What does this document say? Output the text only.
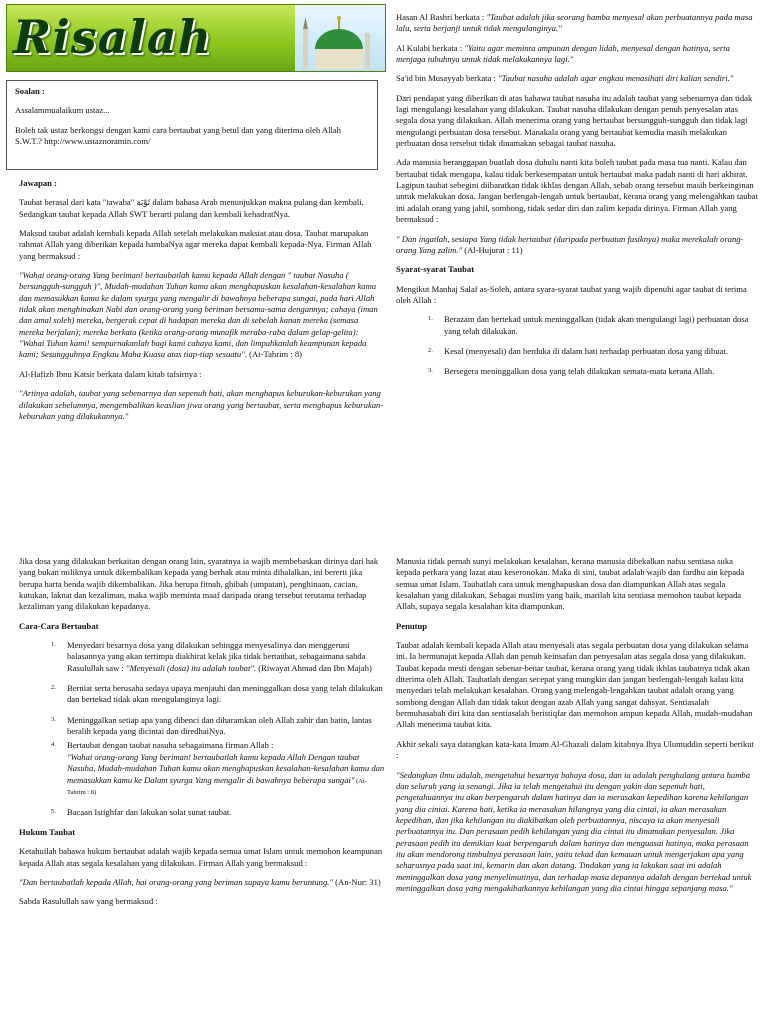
Risalah

Soalan :

Assalammualaikum ustaz...

Boleh tak ustaz berkongsi dengan kami cara bertaubat yang betul dan yang diterima oleh Allah S.W.T.? http://www.ustaznoramin.com/

Jawapan :

Taubat berasal dari kata "tawaba" تَوْبَة dalam bahasa Arab menunjukkan makna pulang dan kembali. Sedangkan taubat kepada Allah SWT berarti pulang dan kembali kehadratNya.

Maksud taubat adalah kembali kepada Allah setelah melakukan maksiat atau dosa. Taubat marupakan rahmat Allah yang diberikan kepada hambaNya agar mereka dapat kembali kepada-Nya. Firman Allah yang bermaksud :

"Wahai orang-orang Yang beriman! bertaubatlah kamu kepada Allah dengan " taubat Nasuha ( bersungguh-sungguh )", Mudah-mudahan Tuhan kamu akan menghapuskan kesalahan-kesalahan kamu dan memasukkan kamu ke dalam syurga yang mengalir di bawahnya beberapa sungai, pada hari Allah tidak akan menghinakan Nabi dan orang-orang yang beriman bersama-sama dengannya; cahaya (iman dan amal soleh) mereka, bergerak cepat di hadapan mereka dan di sebelah kanan mereka (semasa mereka berjalan); mereka berkata (ketika orang-orang munafik meraba-raba dalam gelap-gelita): "Wahai Tuhan kami! sempurnakanlah bagi kami cahaya kami, dan limpahkanlah keampunan kepada kami; Sesungguhnya Engkau Maha Kuasa atas tiap-tiap sesuatu". (At-Tahrim : 8)

Al-Hafizh Ibnu Katsir berkata dalam kitab tafsirnya :

"Artinya adalah, taubat yang sebenarnya dan sepenuh hati, akan menghapus keburukan-keburukan yang dilakukan sebelumnya, mengembalikan keaslian jiwa orang yang bertaubat, serta menghapus keburukan-keburukan yang dilakukannya."

Hasan Al Bashri berkata : "Taubat adalah jika seorang hamba menyesal akan perbuatannya pada masa lalu, serta berjanji untuk tidak mengulanginya."

Al Kulabi berkata : "Yaitu agar meminta ampunan dengan lidah, menyesal dengan hatinya, serta menjaga tubuhnya untuk tidak melakukannya lagi."

Sa'id bin Musayyab berkata : "Taubat nasuha adalah agar engkau menasihati diri kalian sendiri."

Dari pendapat yang diberikan di atas bahawa taubat nasuha itu adalah taubat yang sebenarnya dan tidak lagi mengulangi kesalahan yang dilakukan. Taubat nasuha dilakukan dengan penuh penyesalan atas segala dosa yang dilakukan. Allah menerima orang yang bertaubat bersungguh-sungguh dan tidak lagi mengulangi perbuatan dosa tersebut. Manakala orang yang bertaubat kemudia masih melakukan perbuatan dosa tersebut tidak dinamakan sebagai taubat nasuha.

Ada manusia beranggapan buatlah dosa duhulu nanti kita boleh taubat pada masa tua nanti. Kalau dan bertaubat tidak mengapa, kalau tidak berkesempatan untuk bertaubat maka padah nanti di hari akhirat. Lagipun taubat sebegini diibaratkan tidak ikhlas dengan Allah, sebab orang tersebut masih berkeinginan untuk melakukan dosa. Jangan berlengah-lengah untuk bertaubat, kerana orang yang melengahkan taubat ini adalah orang yang jahil, sombong, tidak sedar diri dan zalim kepada dirinya. Firman Allah yang bermaksud :

" Dan ingatlah, sesiapa Yang tidak bertaubat (daripada perbuatan fasiknya) maka merekalah orang-orang Yang zalim." (Al-Hujurat : 11)

Syarat-syarat Taubat

Mengikut Manhaj Salaf as-Soleh, antara syara-syarat taubat yang wajib dipenuhi agar taubat di terima oleh Allah :

1. Berazam dan bertekad untuk meninggalkan (tidak akan mengulangi lagi) perbuatan dosa yang telah dilakukan.
2. Kesal (menyesali) dan berduka di dalam hati terhadap perbuatan dosa yang dibuat.
3. Bersegera meninggalkan dosa yang telah dilakukan semata-mata kerana Allah.

Jika dosa yang dilakukan berkaitan dengan orang lain, syaratnya ia wajib membebaskan dirinya dari hak yang bukan miliknya untuk dikembalikan kepada yang berhak atau minta dihalalkan, ini bererti jika berupa harta benda wajib dikembalikan. Jika berupa fitnah, ghibah (umpatan), penghinaan, cacian, kutukan, laknat dan kezaliman, maka wajib meminta maaf daripada orang tersebut terutama terhadap kezaliman yang dilakukan kepadanya.

Cara-Cara Bertaubat

1. Menyedari besarnya dosa yang dilakukan sehingga menyesalinya dan menggeruni balasannya yang akan tertimpa diakhirat kelak jika tidak bertaubat, sebagaimana sabda Rasulullah saw : "Menyesali (dosa) itu adalah taubat". (Riwayat Ahmad dan Ibn Majah)
2. Berniat serta berusaha sedaya upaya menjauhi dan meninggalkan dosa yang telah dilakukan dan bertekad tidak akan mengulanginya lagi.
3. Meninggalkan setiap apa yang dibenci dan diharamkan oleh Allah zahir dan batin, lantas beralih kepada yang dicintai dan diredhaiNya.
4. Bertaubat dengan taubat nasuha sebagaimana firman Allah :
"Wahai orang-orang Yang beriman! bertaubatlah kamu kepada Allah Dengan taubat Nasuha, Mudah-mudahan Tuhan kamu akan menghapuskan kesalahan-kesalahan kamu dan memasukkan kamu ke Dalam syurga Yang mengalir di bawahnya beberapa sungai" (At-Tahrim : 8)
5. Bacaan Istighfar dan lakukan solat sunat taubat.

Hukum Taubat

Ketahuilah bahawa hukum bertaubat adalah wajib kepada semua umat Islam untuk memohon keampunan kepada Allah atas segala kesalahan yang dilakukan. Firman Allah yang bermaksud :

"Dan bertaubatlah kepada Allah, hai orang-orang yang beriman supaya kamu beruntung." (An-Nur: 31)

Sabda Rasulullah saw yang bermaksud :

Manusia tidak pernah sunyi melakukan kesalahan, kerana manusia dibekalkan nafsu sentiasa suka kepada perkara yang lazat atau keseronokan. Maka di sini, taubat adalah wajib dan fardhu ain kepada semua umat Islam. Taubatlah cara untuk menghapuskan dosa dan diampunkan Allah atas segala kesalahan yang dilakukan. Sebagai muslim yang baik, marilah kita sentiasa memohon taubat kepada Allah, supaya segala kesalahan kita diampunkan.

Penutup

Taubat adalah kembali kepada Allah atau menyesali atas segala perbuatan dosa yang dilakukan selama ini. Ia bermunajat kepada Allah dan penuh keinsafan dan penyesalan atas segala dosa yang dilakukan. Taubat kepada mesti dengan sebenar-benar taubat, kerana orang yang tidak ikhlas taubatnya tidak akan diterima oleh Allah. Taubatlah dengan secepat yang mungkin dan jangan berlengah-lengah kalau kita menyedari telah melakukan kesalahan. Orang yang melengah-lengahkan taubat adalah orang yang sombong dengan Allah dan tidak takut dengan azab Allah yang sangat dahsyat. Sentiasalah bermuhasabah diri kita dan sentiasalah beristiqfar dan memohon ampun kepada Allah, mudah-mudahan Allah menerima taubat kita.

Akhir sekali saya datangkan kata-kata Imam Al-Ghazali dalam kitabnya Ihya Ulumuddin seperti berikut :

"Sedangkan ilmu adalah, mengetahui besarnya bahaya dosa, dan ia adalah penghalang antara hamba dan seluruh yang ia senangi. Jika ia telah mengetahui itu dengan yakin dan sepenuh hati, pengetahuannya itu akan berpengaruh dalam hatinya dan ia merasakan kepedihan karena kehilangan yang dia cintai. Karena hati, ketika ia merasakan hilangnya yang dia cintai, ia akan merasakan kepedihan, dan jika kehilangan itu diakibatkan oleh perbuatannya, niscaya ia akan menyesali perbuatannya itu. Dan perasaan pedih kehilangan yang dia cintai itu dinamakan penyesalan. Jika perasaan pedih itu demikian kuat berpengaruh dalam hatinya dan menguasai hatinya, maka perasaan itu akan mendorong timbulnya perasaan lain, yaitu tekad dan kemauan untuk mengerjakan apa yang seharusnya pada saat ini, kemarin dan akan datang. Tindakan yang ia lakukan saat ini adalah meninggalkan dosa yang menyelimutinya, dan terhadap masa depannya adalah dengan bertekad untuk meninggalkan dosa yang mengakibatkannya kehilangan yang dia cintai hingga sepanjang masa."
